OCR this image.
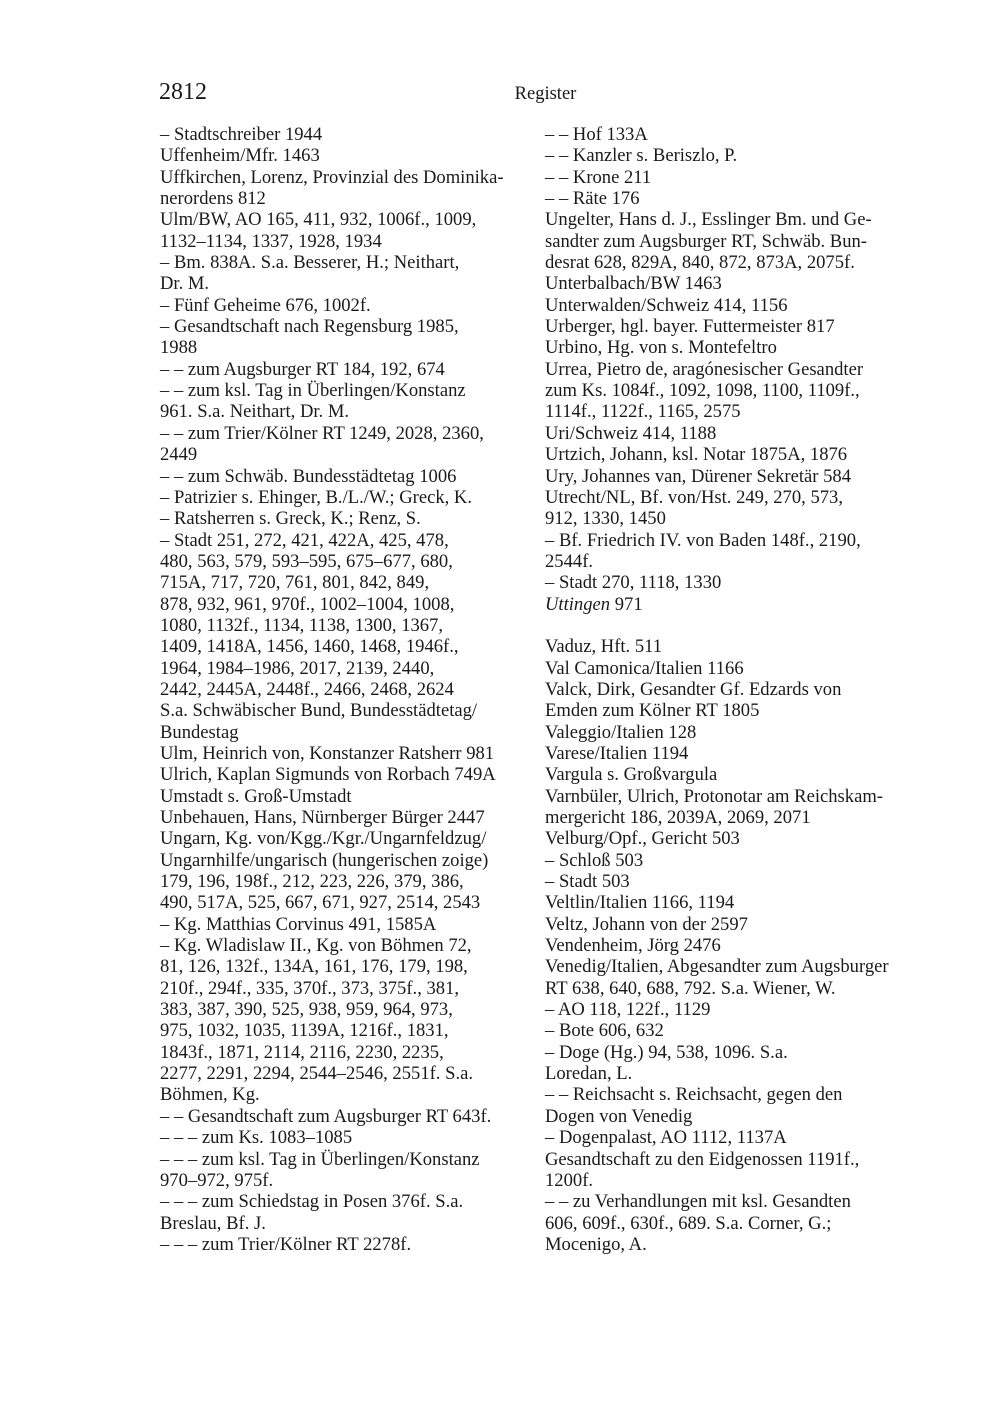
2812	Register
– Stadtschreiber 1944
Uffenheim/Mfr. 1463
Uffkirchen, Lorenz, Provinzial des Dominika-
nerordens 812
Ulm/BW, AO 165, 411, 932, 1006f., 1009,
1132–1134, 1337, 1928, 1934
– Bm. 838A. S.a. Besserer, H.; Neithart,
Dr. M.
– Fünf Geheime 676, 1002f.
– Gesandtschaft nach Regensburg 1985,
1988
– – zum Augsburger RT 184, 192, 674
– – zum ksl. Tag in Überlingen/Konstanz
961. S.a. Neithart, Dr. M.
– – zum Trier/Kölner RT 1249, 2028, 2360,
2449
– – zum Schwäb. Bundesstädtetag 1006
– Patrizier s. Ehinger, B./L./W.; Greck, K.
– Ratsherren s. Greck, K.; Renz, S.
– Stadt 251, 272, 421, 422A, 425, 478,
480, 563, 579, 593–595, 675–677, 680,
715A, 717, 720, 761, 801, 842, 849,
878, 932, 961, 970f., 1002–1004, 1008,
1080, 1132f., 1134, 1138, 1300, 1367,
1409, 1418A, 1456, 1460, 1468, 1946f.,
1964, 1984–1986, 2017, 2139, 2440,
2442, 2445A, 2448f., 2466, 2468, 2624
S.a. Schwäbischer Bund, Bundesstädtetag/
Bundestag
Ulm, Heinrich von, Konstanzer Ratsherr 981
Ulrich, Kaplan Sigmunds von Rorbach 749A
Umstadt s. Groß-Umstadt
Unbehauen, Hans, Nürnberger Bürger 2447
Ungarn, Kg. von/Kgg./Kgr./Ungarnfeldzug/
Ungarnhilfe/ungarisch (hungerischen zoige)
179, 196, 198f., 212, 223, 226, 379, 386,
490, 517A, 525, 667, 671, 927, 2514, 2543
– Kg. Matthias Corvinus 491, 1585A
– Kg. Wladislaw II., Kg. von Böhmen 72,
81, 126, 132f., 134A, 161, 176, 179, 198,
210f., 294f., 335, 370f., 373, 375f., 381,
383, 387, 390, 525, 938, 959, 964, 973,
975, 1032, 1035, 1139A, 1216f., 1831,
1843f., 1871, 2114, 2116, 2230, 2235,
2277, 2291, 2294, 2544–2546, 2551f. S.a.
Böhmen, Kg.
– – Gesandtschaft zum Augsburger RT 643f.
– – – zum Ks. 1083–1085
– – – zum ksl. Tag in Überlingen/Konstanz
970–972, 975f.
– – – zum Schiedstag in Posen 376f. S.a.
Breslau, Bf. J.
– – – zum Trier/Kölner RT 2278f.
– – Hof 133A
– – Kanzler s. Beriszlo, P.
– – Krone 211
– – Räte 176
Ungelter, Hans d. J., Esslinger Bm. und Ge-
sandter zum Augsburger RT, Schwäb. Bun-
desrat 628, 829A, 840, 872, 873A, 2075f.
Unterbalbach/BW 1463
Unterwalden/Schweiz 414, 1156
Urberger, hgl. bayer. Futtermeister 817
Urbino, Hg. von s. Montefeltro
Urrea, Pietro de, aragónesischer Gesandter
zum Ks. 1084f., 1092, 1098, 1100, 1109f.,
1114f., 1122f., 1165, 2575
Uri/Schweiz 414, 1188
Urtzich, Johann, ksl. Notar 1875A, 1876
Ury, Johannes van, Dürener Sekretär 584
Utrecht/NL, Bf. von/Hst. 249, 270, 573,
912, 1330, 1450
– Bf. Friedrich IV. von Baden 148f., 2190,
2544f.
– Stadt 270, 1118, 1330
Uttingen 971
Vaduz, Hft. 511
Val Camonica/Italien 1166
Valck, Dirk, Gesandter Gf. Edzards von
Emden zum Kölner RT 1805
Valeggio/Italien 128
Varese/Italien 1194
Vargula s. Großvargula
Varnbüler, Ulrich, Protonotar am Reichskam-
mergericht 186, 2039A, 2069, 2071
Velburg/Opf., Gericht 503
– Schloß 503
– Stadt 503
Veltlin/Italien 1166, 1194
Veltz, Johann von der 2597
Vendenheim, Jörg 2476
Venedig/Italien, Abgesandter zum Augsburger
RT 638, 640, 688, 792. S.a. Wiener, W.
– AO 118, 122f., 1129
– Bote 606, 632
– Doge (Hg.) 94, 538, 1096. S.a.
Loredan, L.
– – Reichsacht s. Reichsacht, gegen den
Dogen von Venedig
– Dogenpalast, AO 1112, 1137A
Gesandtschaft zu den Eidgenossen 1191f.,
1200f.
– – zu Verhandlungen mit ksl. Gesandten
606, 609f., 630f., 689. S.a. Corner, G.;
Mocenigo, A.
